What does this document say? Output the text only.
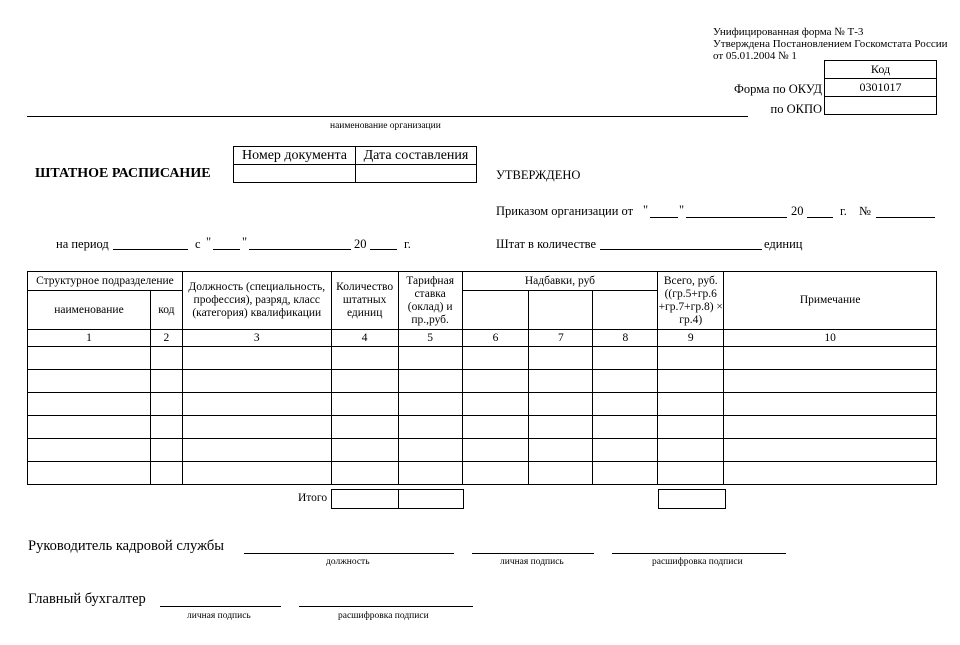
Унифицированная форма № Т-3
Утверждена Постановлением Госкомстата России
от 05.01.2004 № 1
Код
0301017

Форма по ОКУД
по ОКПО
наименование организации
ШТАТНОЕ РАСПИСАНИЕ
Номер документа	Дата составления

УТВЕРЖДЕНО
Приказом организации от " "	20	г. №
на период	с " "	20	г.	Штат в количестве	единиц
Структурное подразделение		Должность (специальность, профессия), разряд, класс (категория) квалификации	Количество штатных единиц	Тарифная ставка (оклад) и пр.,руб.	Надбавки, руб			Всего, руб. ((гр.5+гр.6 +гр.7+гр.8) × гр.4)	Примечание
наименование	код								
1	2	3	4	5	6	7	8	9	10

Итого
Руководитель кадровой службы
должность	личная подпись	расшифровка подписи
Главный бухгалтер
личная подпись	расшифровка подписи
